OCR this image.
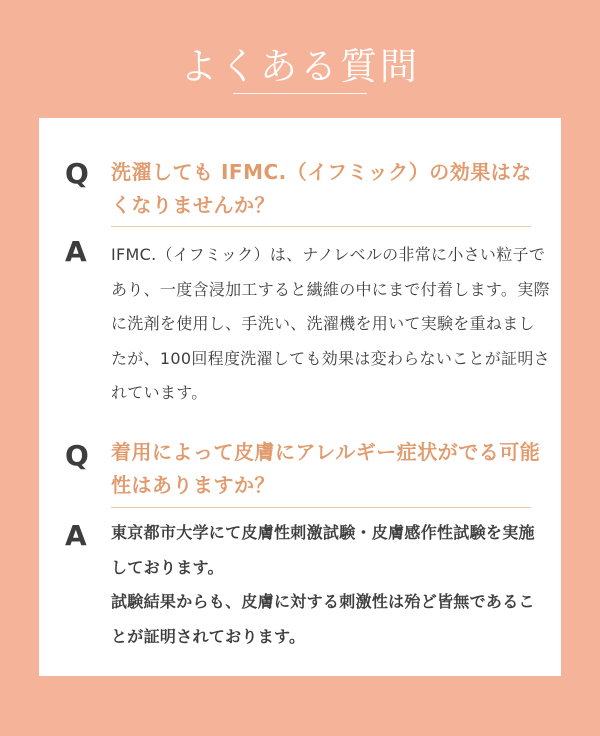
よくある質問
Q	洗濯しても IFMC.（イフミック）の効果はなくなりませんか？
A	IFMC.（イフミック）は、ナノレベルの非常に小さい粒子であり、一度含浸加工すると繊維の中にまで付着します。実際に洗剤を使用し、手洗い、洗濯機を用いて実験を重ねましたが、100回程度洗濯しても効果は変わらないことが証明されています。

Q	着用によって皮膚にアレルギー症状がでる可能性はありますか？
A	東京都市大学にて皮膚性刺激試験・皮膚感作性試験を実施しております。

試験結果からも、皮膚に対する刺激性は殆ど皆無であることが証明されております。
